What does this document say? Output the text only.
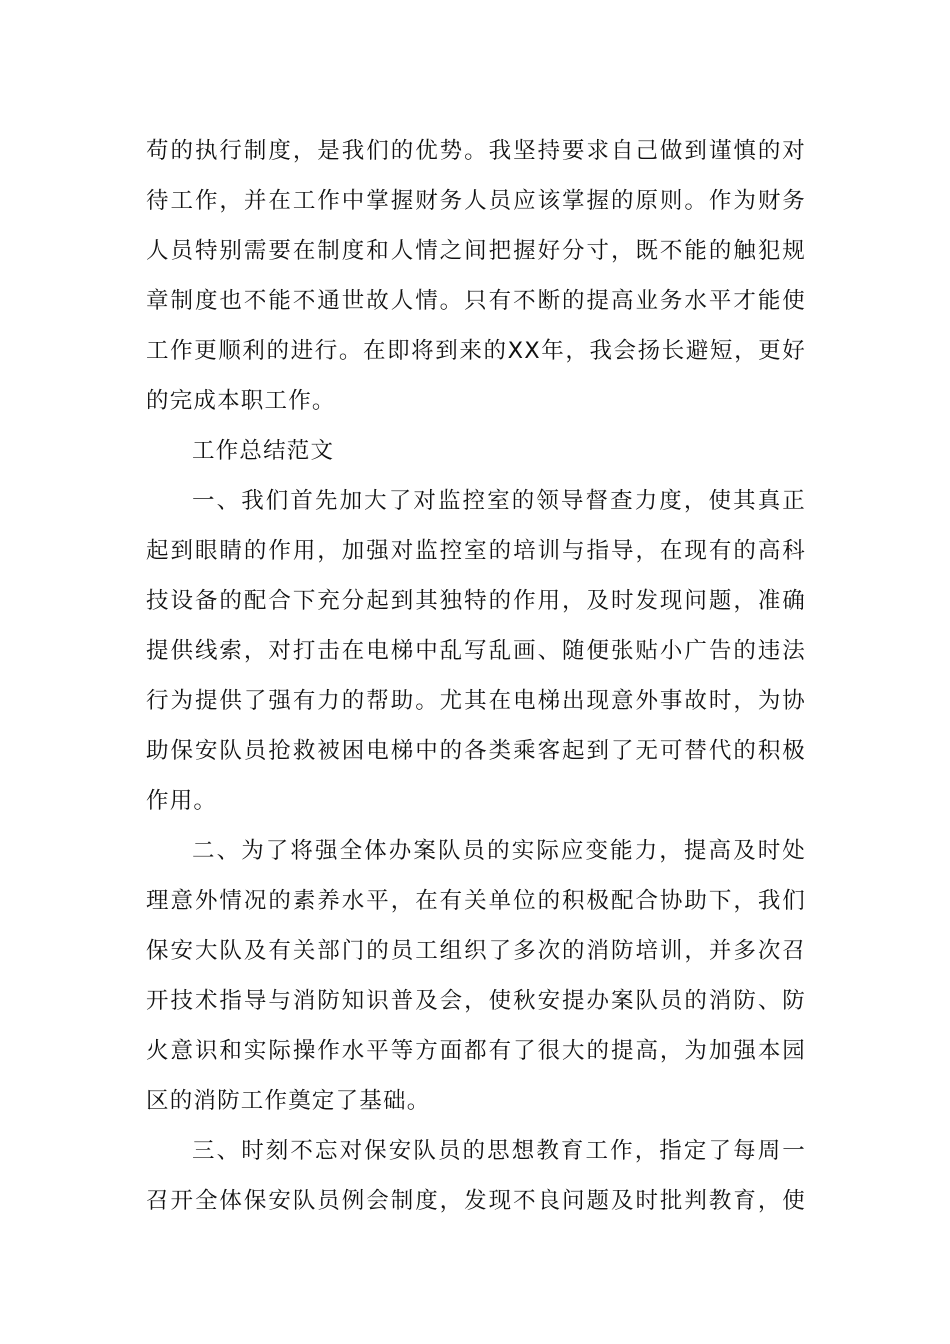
苟的执行制度，是我们的优势。我坚持要求自己做到谨慎的对
待工作，并在工作中掌握财务人员应该掌握的原则。作为财务
人员特别需要在制度和人情之间把握好分寸，既不能的触犯规
章制度也不能不通世故人情。只有不断的提高业务水平才能使
工作更顺利的进行。在即将到来的XX年，我会扬长避短，更好
的完成本职工作。
工作总结范文
一、我们首先加大了对监控室的领导督查力度，使其真正
起到眼睛的作用，加强对监控室的培训与指导，在现有的高科
技设备的配合下充分起到其独特的作用，及时发现问题，准确
提供线索，对打击在电梯中乱写乱画、随便张贴小广告的违法
行为提供了强有力的帮助。尤其在电梯出现意外事故时，为协
助保安队员抢救被困电梯中的各类乘客起到了无可替代的积极
作用。
二、为了将强全体办案队员的实际应变能力，提高及时处
理意外情况的素养水平，在有关单位的积极配合协助下，我们
保安大队及有关部门的员工组织了多次的消防培训，并多次召
开技术指导与消防知识普及会，使秋安提办案队员的消防、防
火意识和实际操作水平等方面都有了很大的提高，为加强本园
区的消防工作奠定了基础。
三、时刻不忘对保安队员的思想教育工作，指定了每周一
召开全体保安队员例会制度，发现不良问题及时批判教育，使
